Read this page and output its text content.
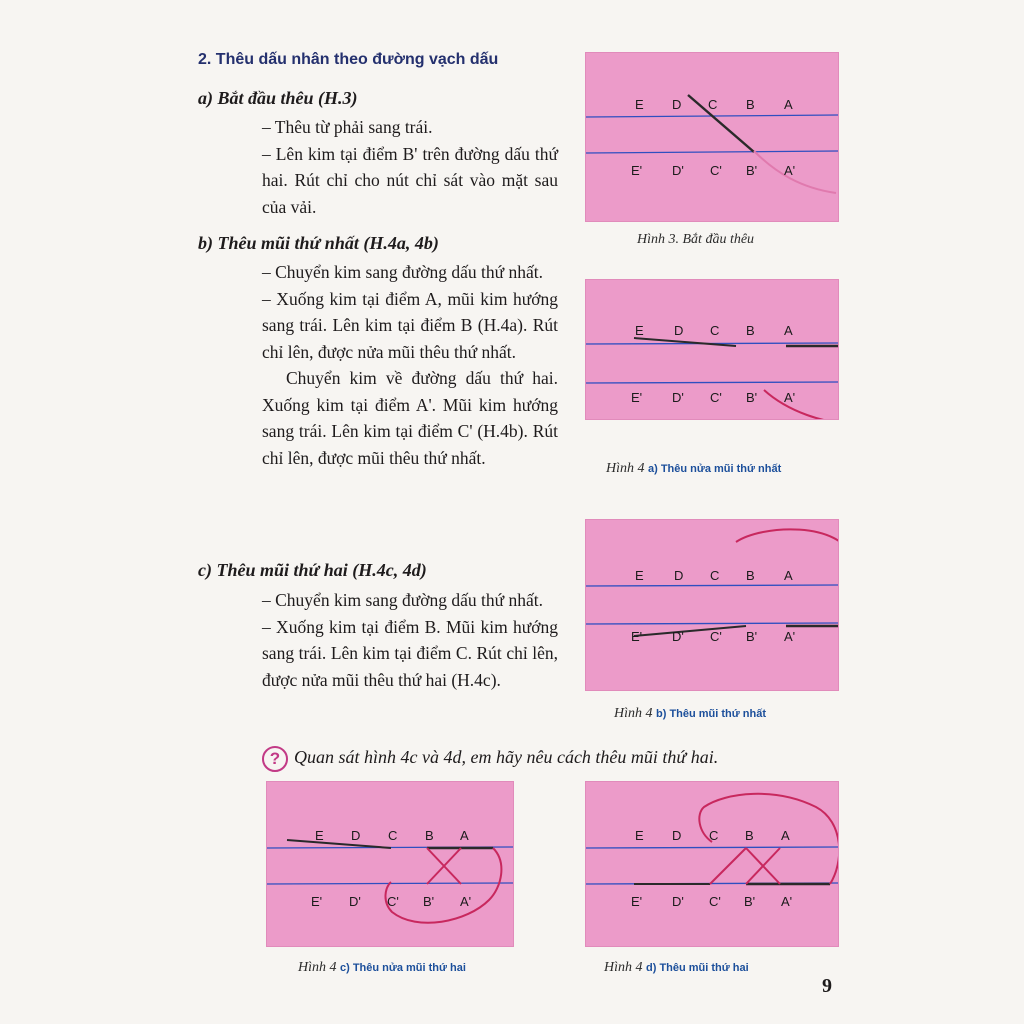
2. Thêu dấu nhân theo đường vạch dấu
a) Bắt đầu thêu (H.3)

– Thêu từ phải sang trái.

– Lên kim tại điểm B' trên đường dấu thứ hai. Rút chỉ cho nút chỉ sát vào mặt sau của vải.

b) Thêu mũi thứ nhất (H.4a, 4b)

– Chuyển kim sang đường dấu thứ nhất.

– Xuống kim tại điểm A, mũi kim hướng sang trái. Lên kim tại điểm B (H.4a). Rút chỉ lên, được nửa mũi thêu thứ nhất.

Chuyển kim về đường dấu thứ hai. Xuống kim tại điểm A'. Mũi kim hướng sang trái. Lên kim tại điểm C' (H.4b). Rút chỉ lên, được mũi thêu thứ nhất.

c) Thêu mũi thứ hai (H.4c, 4d)

– Chuyển kim sang đường dấu thứ nhất.

– Xuống kim tại điểm B. Mũi kim hướng sang trái. Lên kim tại điểm C. Rút chỉ lên, được nửa mũi thêu thứ hai (H.4c).

E D C B A
E' D' C' B' A'
Hình 3. Bắt đầu thêu
E D C B A
E' D' C' B' A'
Hình 4 a) Thêu nửa mũi thứ nhất
E D C B A
E' D' C' B' A'
Hình 4 b) Thêu mũi thứ nhất
? Quan sát hình 4c và 4d, em hãy nêu cách thêu mũi thứ hai.
E D C B A
E' D' C' B' A'
Hình 4 c) Thêu nửa mũi thứ hai
E D C B A
E' D' C' B' A'
Hình 4 d) Thêu mũi thứ hai
9
